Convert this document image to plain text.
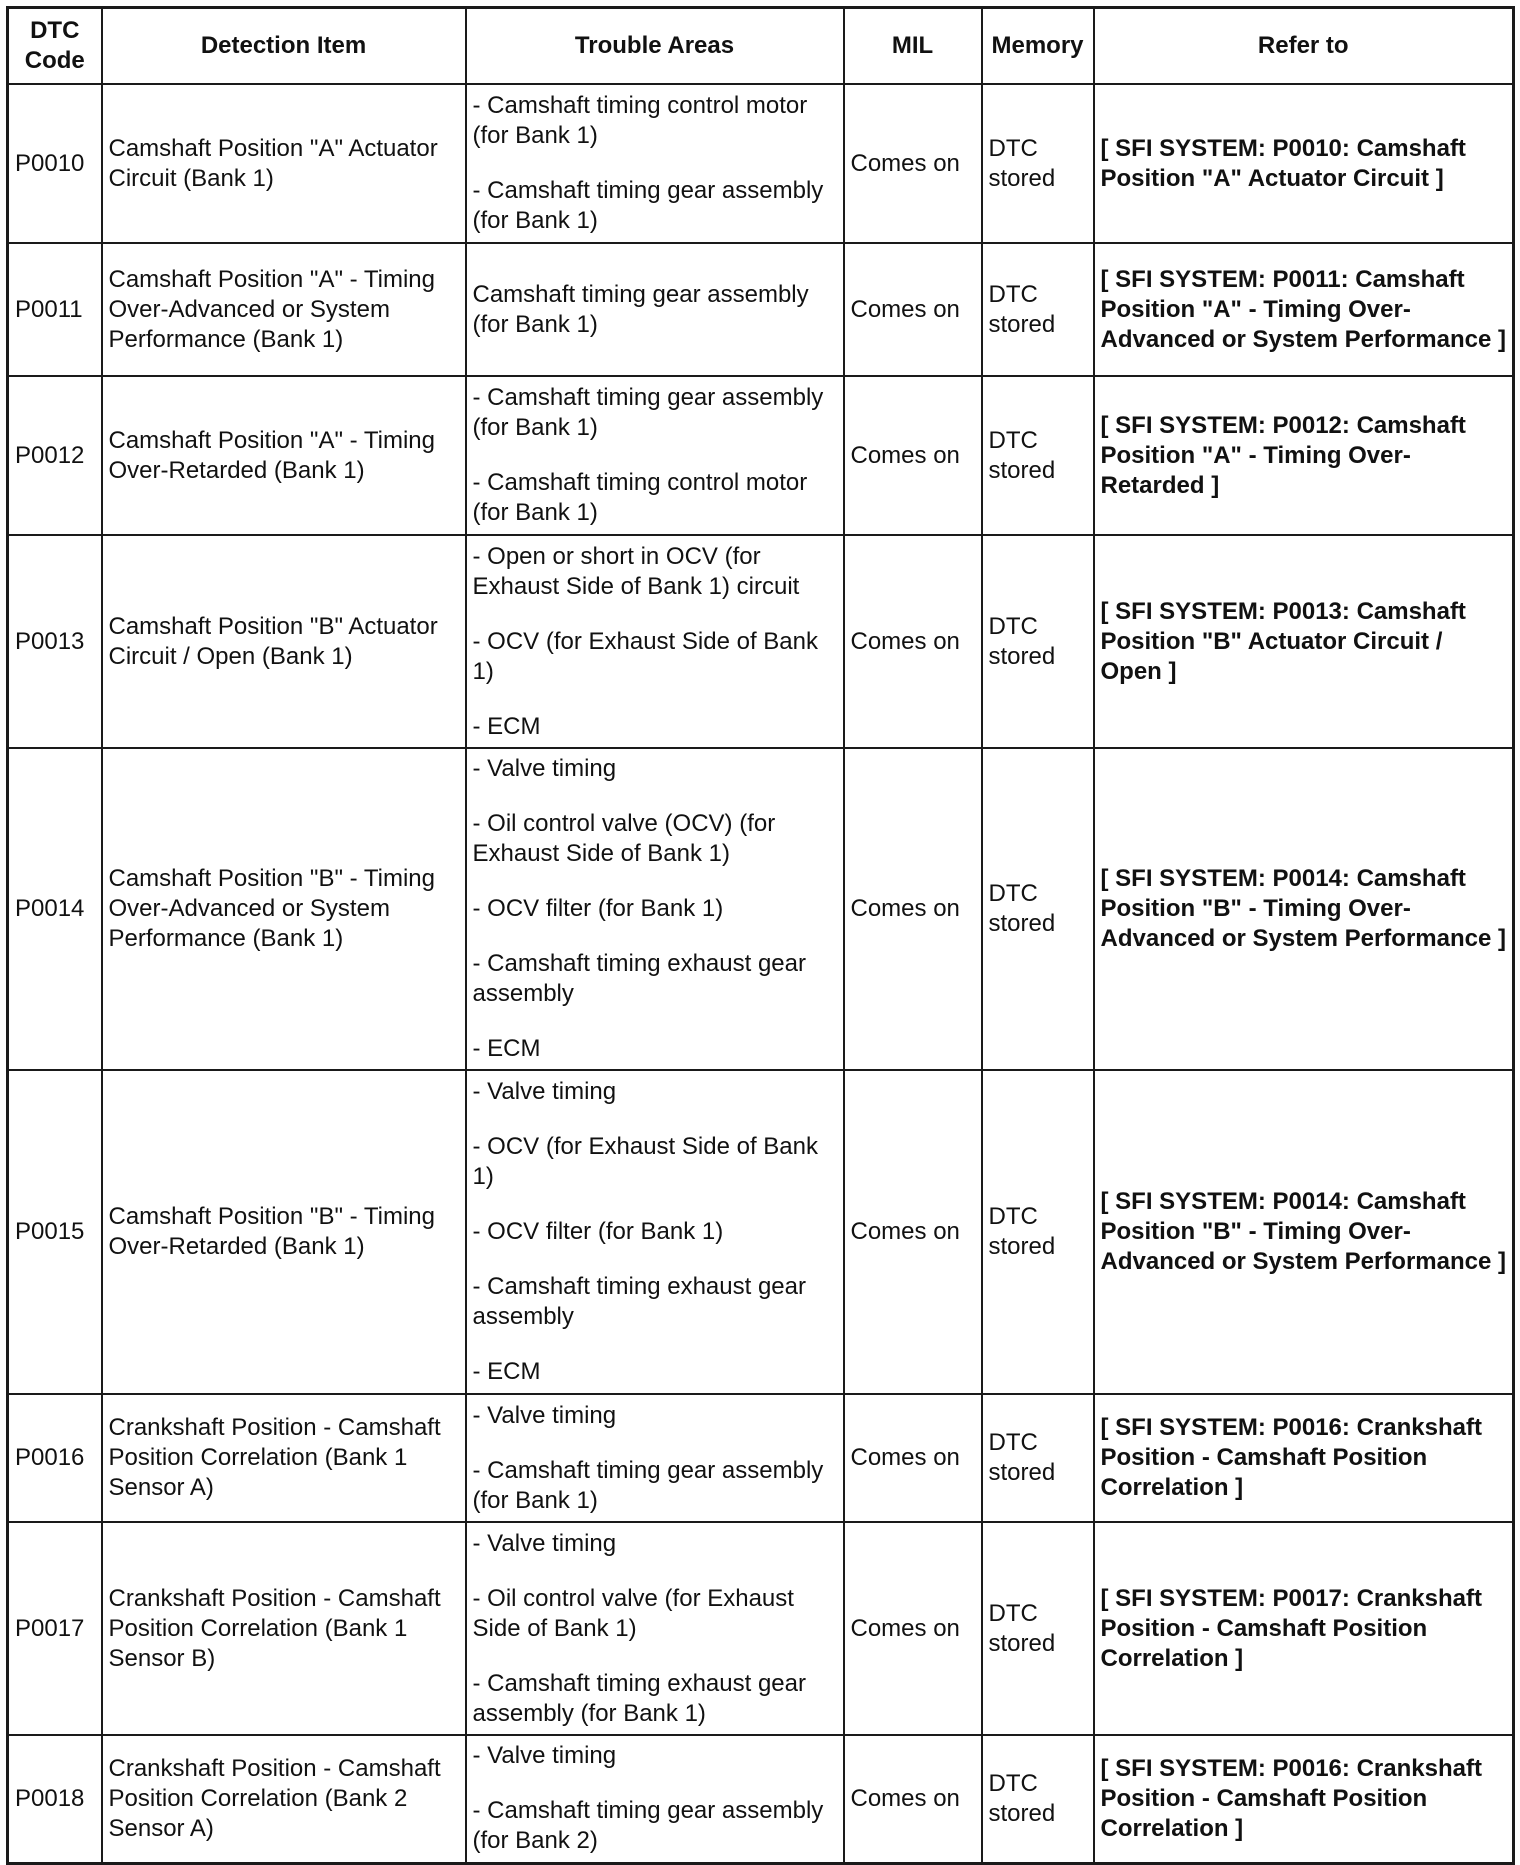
DTC Code	Detection Item	Trouble Areas	MIL	Memory	Refer to
P0010	Camshaft Position "A" Actuator Circuit (Bank 1)	- Camshaft timing control motor (for Bank 1)

- Camshaft timing gear assembly (for Bank 1)	Comes on	DTC stored	[ SFI SYSTEM: P0010: Camshaft Position "A" Actuator Circuit ]
P0011	Camshaft Position "A" - Timing Over-Advanced or System Performance (Bank 1)	Camshaft timing gear assembly (for Bank 1)	Comes on	DTC stored	[ SFI SYSTEM: P0011: Camshaft Position "A" - Timing Over-Advanced or System Performance ]
P0012	Camshaft Position "A" - Timing Over-Retarded (Bank 1)	- Camshaft timing gear assembly (for Bank 1)

- Camshaft timing control motor (for Bank 1)	Comes on	DTC stored	[ SFI SYSTEM: P0012: Camshaft Position "A" - Timing Over-Retarded ]
P0013	Camshaft Position "B" Actuator Circuit / Open (Bank 1)	- Open or short in OCV (for Exhaust Side of Bank 1) circuit

- OCV (for Exhaust Side of Bank 1)

- ECM	Comes on	DTC stored	[ SFI SYSTEM: P0013: Camshaft Position "B" Actuator Circuit / Open ]
P0014	Camshaft Position "B" - Timing Over-Advanced or System Performance (Bank 1)	- Valve timing

- Oil control valve (OCV) (for Exhaust Side of Bank 1)

- OCV filter (for Bank 1)

- Camshaft timing exhaust gear assembly

- ECM	Comes on	DTC stored	[ SFI SYSTEM: P0014: Camshaft Position "B" - Timing Over-Advanced or System Performance ]
P0015	Camshaft Position "B" - Timing Over-Retarded (Bank 1)	- Valve timing

- OCV (for Exhaust Side of Bank 1)

- OCV filter (for Bank 1)

- Camshaft timing exhaust gear assembly

- ECM	Comes on	DTC stored	[ SFI SYSTEM: P0014: Camshaft Position "B" - Timing Over-Advanced or System Performance ]
P0016	Crankshaft Position - Camshaft Position Correlation (Bank 1 Sensor A)	- Valve timing

- Camshaft timing gear assembly (for Bank 1)	Comes on	DTC stored	[ SFI SYSTEM: P0016: Crankshaft Position - Camshaft Position Correlation ]
P0017	Crankshaft Position - Camshaft Position Correlation (Bank 1 Sensor B)	- Valve timing

- Oil control valve (for Exhaust Side of Bank 1)

- Camshaft timing exhaust gear assembly (for Bank 1)	Comes on	DTC stored	[ SFI SYSTEM: P0017: Crankshaft Position - Camshaft Position Correlation ]
P0018	Crankshaft Position - Camshaft Position Correlation (Bank 2 Sensor A)	- Valve timing

- Camshaft timing gear assembly (for Bank 2)	Comes on	DTC stored	[ SFI SYSTEM: P0016: Crankshaft Position - Camshaft Position Correlation ]
